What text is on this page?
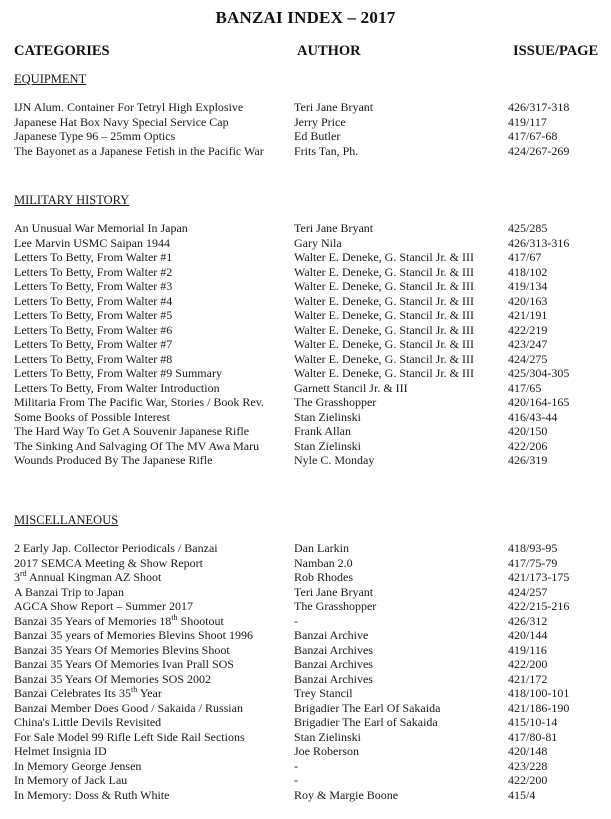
BANZAI INDEX – 2017
CATEGORIES	AUTHOR	ISSUE/PAGE
EQUIPMENT
IJN Alum. Container For Tetryl High Explosive	Teri Jane Bryant	426/317-318
Japanese Hat Box Navy Special Service Cap	Jerry Price	419/117
Japanese Type 96 – 25mm Optics	Ed Butler	417/67-68
The Bayonet as a Japanese Fetish in the Pacific War	Frits Tan, Ph.	424/267-269
MILITARY HISTORY
An Unusual War Memorial In Japan	Teri Jane Bryant	425/285
Lee Marvin USMC Saipan 1944	Gary Nila	426/313-316
Letters To Betty, From Walter #1	Walter E. Deneke, G. Stancil Jr. & III	417/67
Letters To Betty, From Walter #2	Walter E. Deneke, G. Stancil Jr. & III	418/102
Letters To Betty, From Walter #3	Walter E. Deneke, G. Stancil Jr. & III	419/134
Letters To Betty, From Walter #4	Walter E. Deneke, G. Stancil Jr. & III	420/163
Letters To Betty, From Walter #5	Walter E. Deneke, G. Stancil Jr. & III	421/191
Letters To Betty, From Walter #6	Walter E. Deneke, G. Stancil Jr. & III	422/219
Letters To Betty, From Walter #7	Walter E. Deneke, G. Stancil Jr. & III	423/247
Letters To Betty, From Walter #8	Walter E. Deneke, G. Stancil Jr. & III	424/275
Letters To Betty, From Walter #9 Summary	Walter E. Deneke, G. Stancil Jr. & III	425/304-305
Letters To Betty, From Walter Introduction	Garnett Stancil Jr. & III	417/65
Militaria From The Pacific War, Stories / Book Rev.	The Grasshopper	420/164-165
Some Books of Possible Interest	Stan Zielinski	416/43-44
The Hard Way To Get A Souvenir Japanese Rifle	Frank Allan	420/150
The Sinking And Salvaging Of The MV Awa Maru	Stan Zielinski	422/206
Wounds Produced By The Japanese Rifle	Nyle C. Monday	426/319
MISCELLANEOUS
2 Early Jap. Collector Periodicals / Banzai	Dan Larkin	418/93-95
2017 SEMCA Meeting & Show Report	Namban 2.0	417/75-79
3rd Annual Kingman AZ Shoot	Rob Rhodes	421/173-175
A Banzai Trip to Japan	Teri Jane Bryant	424/257
AGCA Show Report – Summer 2017	The Grasshopper	422/215-216
Banzai 35 Years of Memories 18th Shootout	-	426/312
Banzai 35 years of Memories Blevins Shoot 1996	Banzai Archive	420/144
Banzai 35 Years Of Memories Blevins Shoot	Banzai Archives	419/116
Banzai 35 Years Of Memories Ivan Prall SOS	Banzai Archives	422/200
Banzai 35 Years Of Memories SOS 2002	Banzai Archives	421/172
Banzai Celebrates Its 35th Year	Trey Stancil	418/100-101
Banzai Member Does Good / Sakaida / Russian	Brigadier The Earl Of Sakaida	421/186-190
China's Little Devils Revisited	Brigadier The Earl of Sakaida	415/10-14
For Sale Model 99 Rifle Left Side Rail Sections	Stan Zielinski	417/80-81
Helmet Insignia ID	Joe Roberson	420/148
In Memory George Jensen	-	423/228
In Memory of Jack Lau	-	422/200
In Memory: Doss & Ruth White	Roy & Margie Boone	415/4
